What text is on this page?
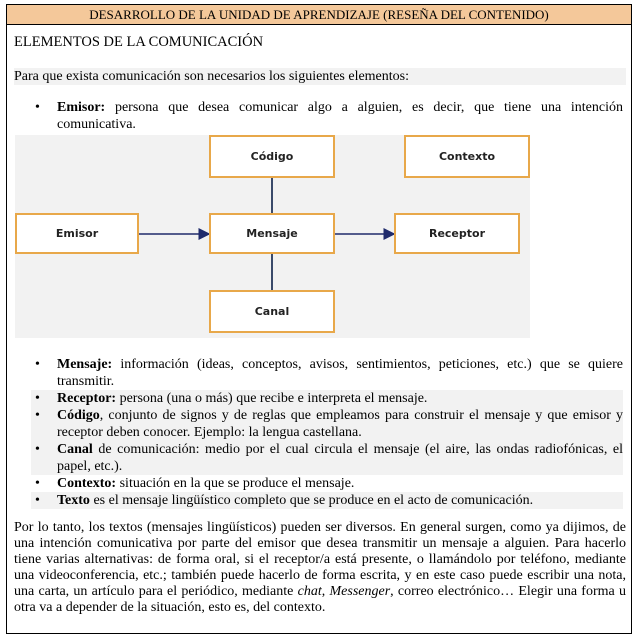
DESARROLLO DE LA UNIDAD DE APRENDIZAJE (RESEÑA DEL CONTENIDO)
ELEMENTOS DE LA COMUNICACIÓN
Para que exista comunicación son necesarios los siguientes elementos:
• Emisor: persona que desea comunicar algo a alguien, es decir, que tiene una intención comunicativa.
Código	Contexto
Emisor	Mensaje	Receptor
Canal
• Mensaje: información (ideas, conceptos, avisos, sentimientos, peticiones, etc.) que se quiere transmitir.
• Receptor: persona (una o más) que recibe e interpreta el mensaje.
• Código, conjunto de signos y de reglas que empleamos para construir el mensaje y que emisor y receptor deben conocer. Ejemplo: la lengua castellana.
• Canal de comunicación: medio por el cual circula el mensaje (el aire, las ondas radiofónicas, el papel, etc.).
• Contexto: situación en la que se produce el mensaje.
• Texto es el mensaje lingüístico completo que se produce en el acto de comunicación.
Por lo tanto, los textos (mensajes lingüísticos) pueden ser diversos. En general surgen, como ya dijimos, de una intención comunicativa por parte del emisor que desea transmitir un mensaje a alguien. Para hacerlo tiene varias alternativas: de forma oral, si el receptor/a está presente, o llamándolo por teléfono, mediante una videoconferencia, etc.; también puede hacerlo de forma escrita, y en este caso puede escribir una nota, una carta, un artículo para el periódico, mediante chat, Messenger, correo electrónico… Elegir una forma u otra va a depender de la situación, esto es, del contexto.
